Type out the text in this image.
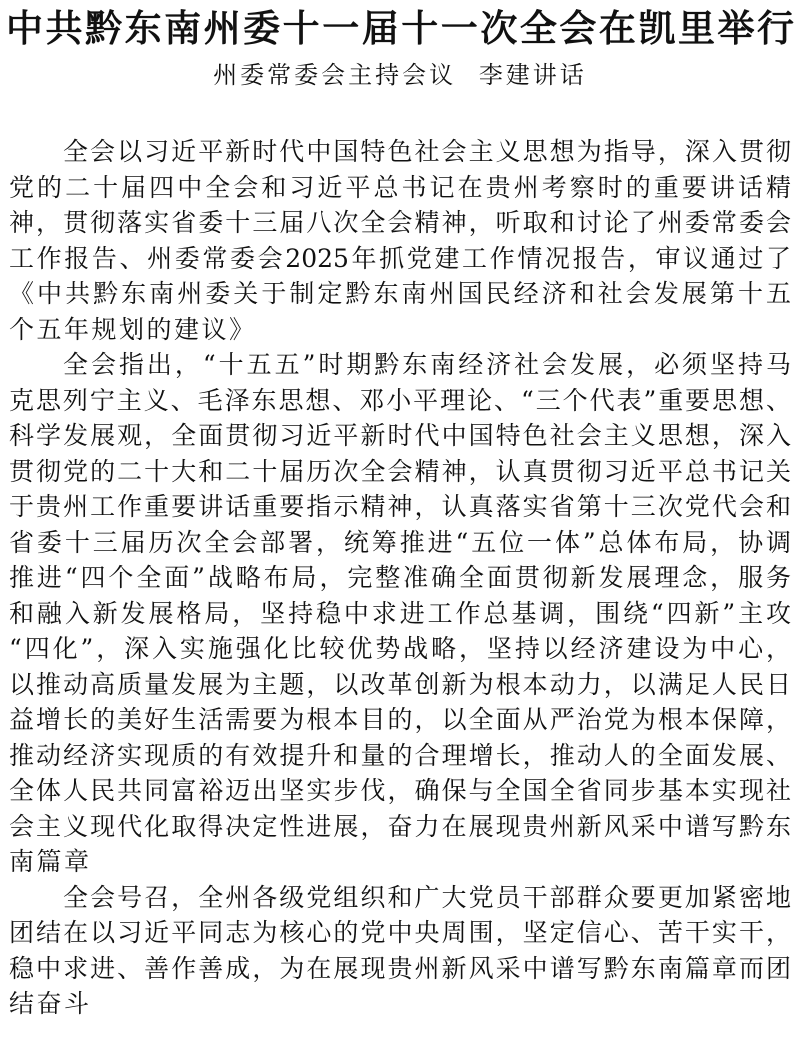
中共黔东南州委十一届十一次全会在凯里举行
州委常委会主持会议 李建讲话
全会以习近平新时代中国特色社会主义思想为指导，深入贯彻
党的二十届四中全会和习近平总书记在贵州考察时的重要讲话精
神，贯彻落实省委十三届八次全会精神，听取和讨论了州委常委会
工作报告、州委常委会2025年抓党建工作情况报告，审议通过了
《中共黔东南州委关于制定黔东南州国民经济和社会发展第十五
个五年规划的建议》
全会指出，“十五五”时期黔东南经济社会发展，必须坚持马
克思列宁主义、毛泽东思想、邓小平理论、“三个代表”重要思想、
科学发展观，全面贯彻习近平新时代中国特色社会主义思想，深入
贯彻党的二十大和二十届历次全会精神，认真贯彻习近平总书记关
于贵州工作重要讲话重要指示精神，认真落实省第十三次党代会和
省委十三届历次全会部署，统筹推进“五位一体”总体布局，协调
推进“四个全面”战略布局，完整准确全面贯彻新发展理念，服务
和融入新发展格局，坚持稳中求进工作总基调，围绕“四新”主攻
“四化”，深入实施强化比较优势战略，坚持以经济建设为中心，
以推动高质量发展为主题，以改革创新为根本动力，以满足人民日
益增长的美好生活需要为根本目的，以全面从严治党为根本保障，
推动经济实现质的有效提升和量的合理增长，推动人的全面发展、
全体人民共同富裕迈出坚实步伐，确保与全国全省同步基本实现社
会主义现代化取得决定性进展，奋力在展现贵州新风采中谱写黔东
南篇章
全会号召，全州各级党组织和广大党员干部群众要更加紧密地
团结在以习近平同志为核心的党中央周围，坚定信心、苦干实干，
稳中求进、善作善成，为在展现贵州新风采中谱写黔东南篇章而团
结奋斗
